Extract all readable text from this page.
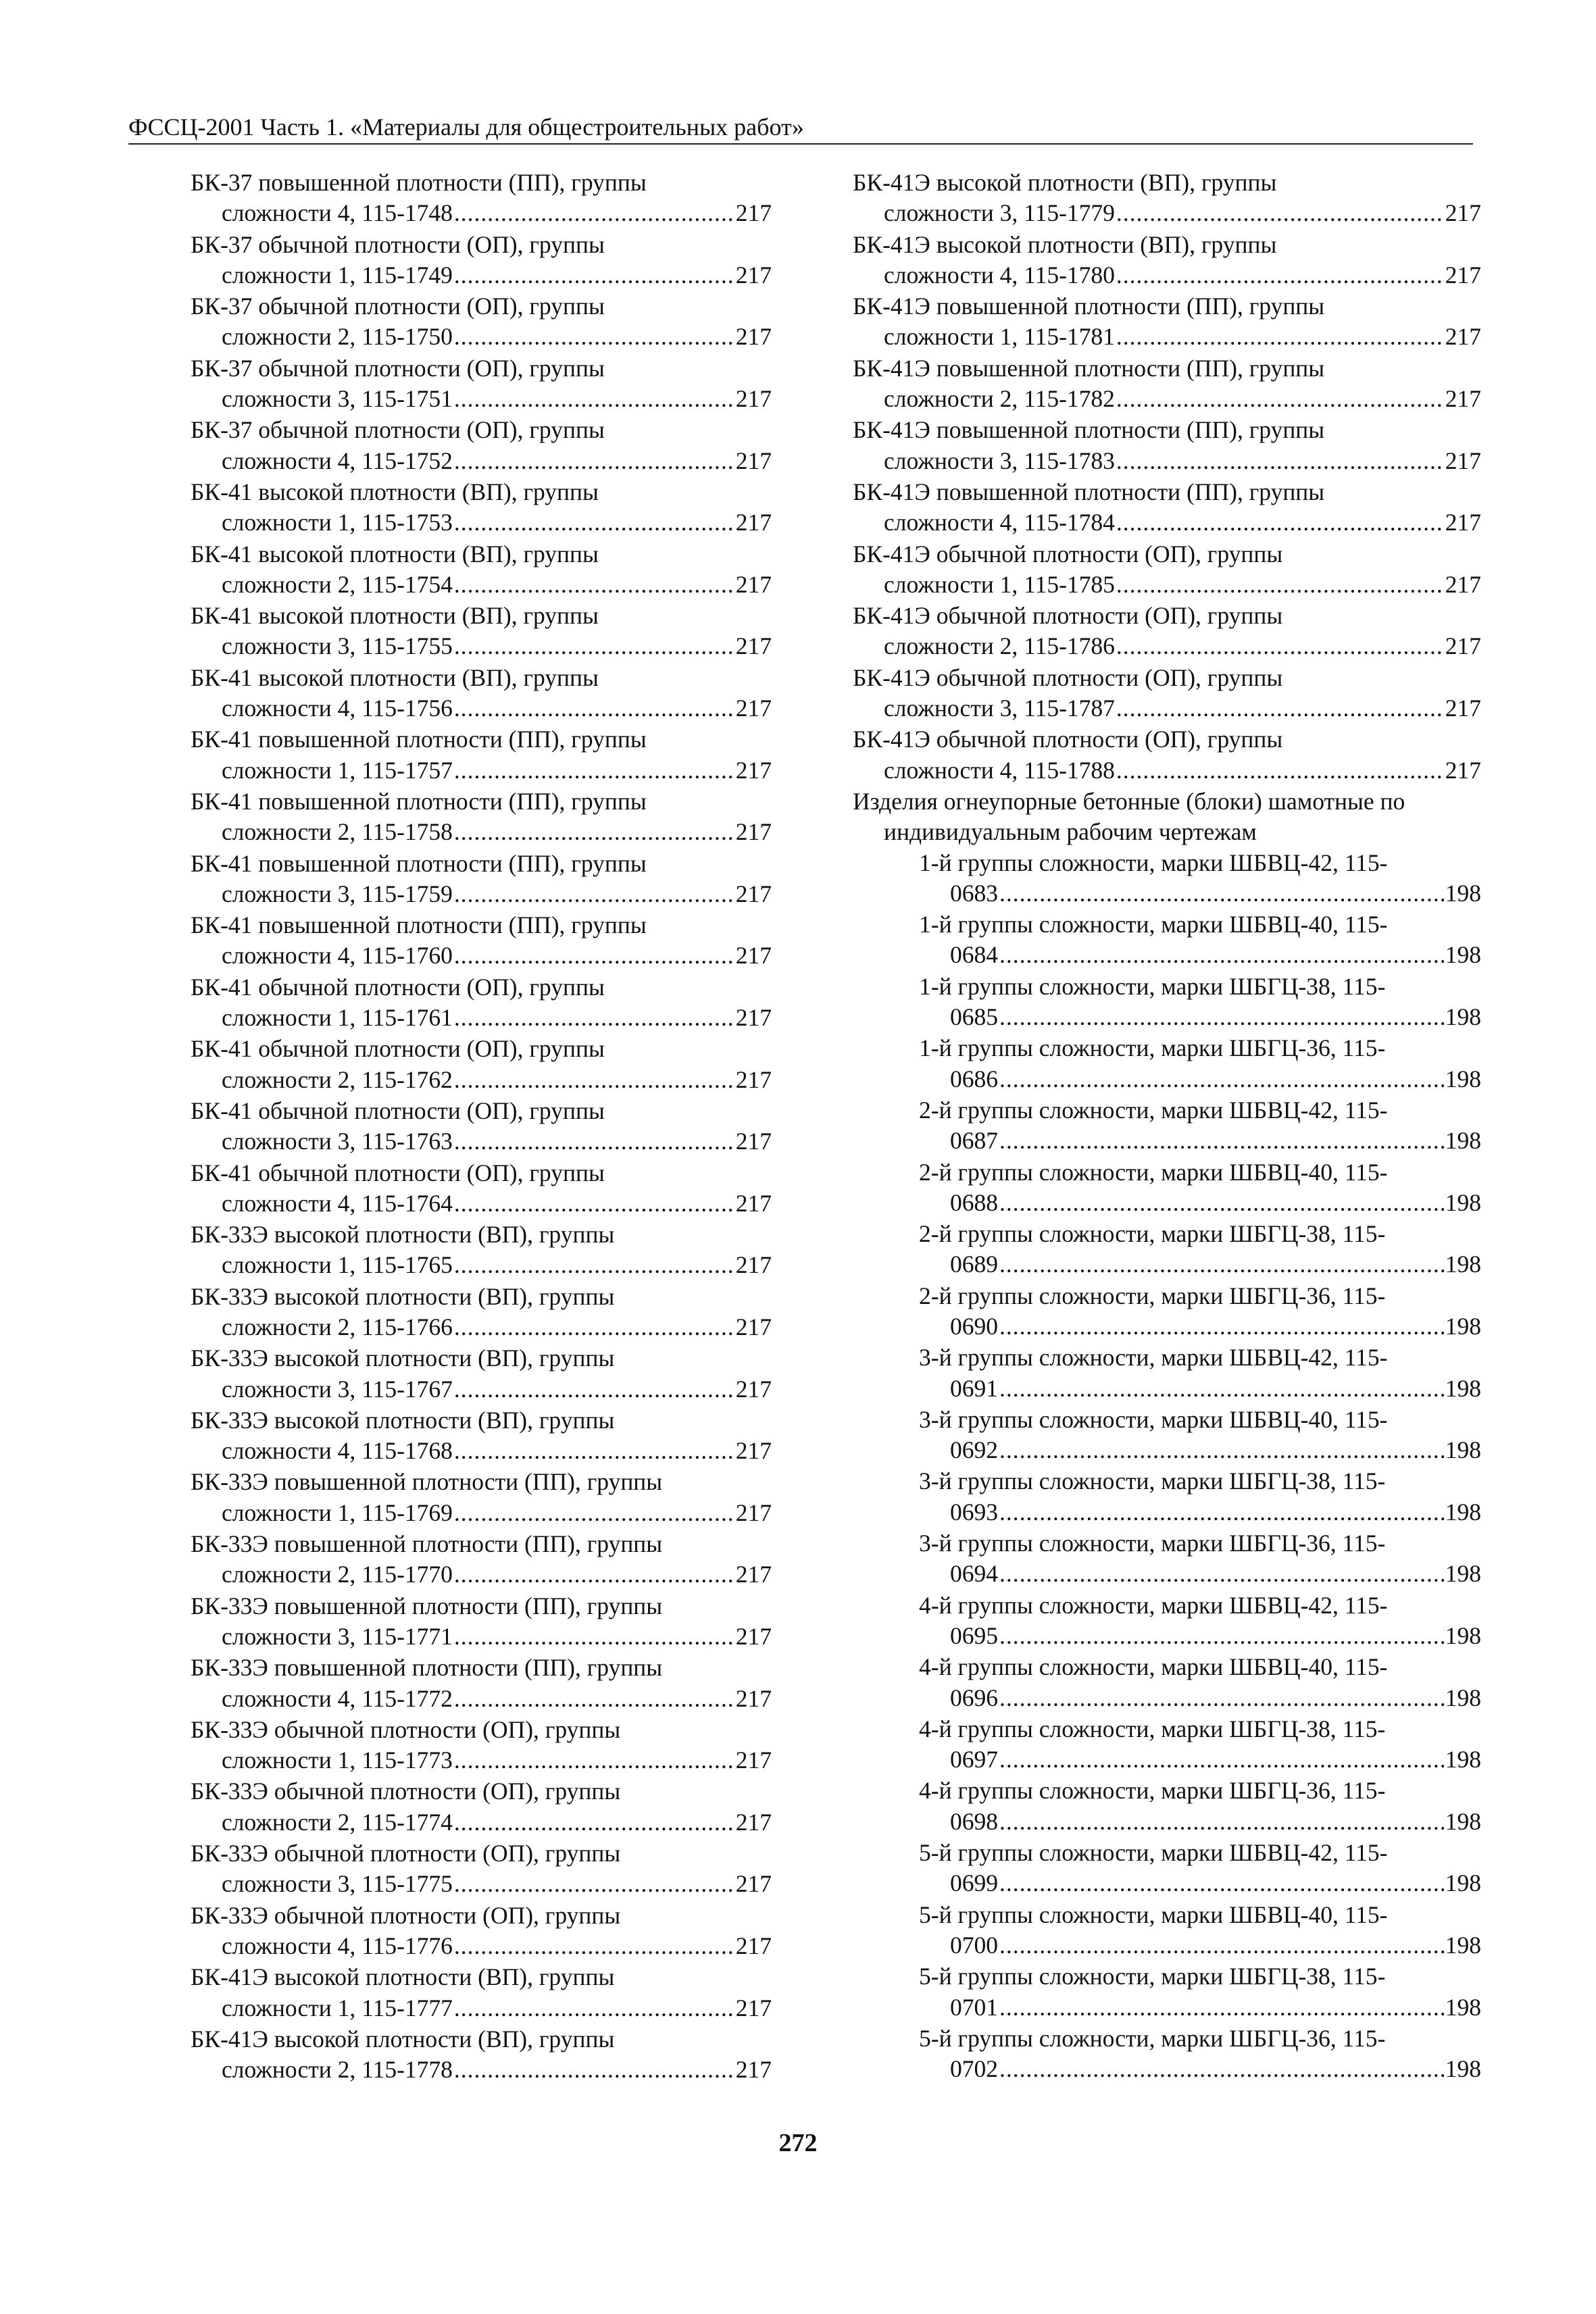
ФССЦ-2001 Часть 1. «Материалы для общестроительных работ»
БК-37 повышенной плотности (ПП), группы
сложности 4, 115-1748 .....	217
БК-37 обычной плотности (ОП), группы
сложности 1, 115-1749 .....	217
БК-37 обычной плотности (ОП), группы
сложности 2, 115-1750 .....	217
БК-37 обычной плотности (ОП), группы
сложности 3, 115-1751 .....	217
БК-37 обычной плотности (ОП), группы
сложности 4, 115-1752 .....	217
БК-41 высокой плотности (ВП), группы
сложности 1, 115-1753 .....	217
БК-41 высокой плотности (ВП), группы
сложности 2, 115-1754 .....	217
БК-41 высокой плотности (ВП), группы
сложности 3, 115-1755 .....	217
БК-41 высокой плотности (ВП), группы
сложности 4, 115-1756 .....	217
БК-41 повышенной плотности (ПП), группы
сложности 1, 115-1757 .....	217
БК-41 повышенной плотности (ПП), группы
сложности 2, 115-1758 .....	217
БК-41 повышенной плотности (ПП), группы
сложности 3, 115-1759 .....	217
БК-41 повышенной плотности (ПП), группы
сложности 4, 115-1760 .....	217
БК-41 обычной плотности (ОП), группы
сложности 1, 115-1761 .....	217
БК-41 обычной плотности (ОП), группы
сложности 2, 115-1762 .....	217
БК-41 обычной плотности (ОП), группы
сложности 3, 115-1763 .....	217
БК-41 обычной плотности (ОП), группы
сложности 4, 115-1764 .....	217
БК-33Э высокой плотности (ВП), группы
сложности 1, 115-1765 .....	217
БК-33Э высокой плотности (ВП), группы
сложности 2, 115-1766 .....	217
БК-33Э высокой плотности (ВП), группы
сложности 3, 115-1767 .....	217
БК-33Э высокой плотности (ВП), группы
сложности 4, 115-1768 .....	217
БК-33Э повышенной плотности (ПП), группы
сложности 1, 115-1769 .....	217
БК-33Э повышенной плотности (ПП), группы
сложности 2, 115-1770 .....	217
БК-33Э повышенной плотности (ПП), группы
сложности 3, 115-1771 .....	217
БК-33Э повышенной плотности (ПП), группы
сложности 4, 115-1772 .....	217
БК-33Э обычной плотности (ОП), группы
сложности 1, 115-1773 .....	217
БК-33Э обычной плотности (ОП), группы
сложности 2, 115-1774 .....	217
БК-33Э обычной плотности (ОП), группы
сложности 3, 115-1775 .....	217
БК-33Э обычной плотности (ОП), группы
сложности 4, 115-1776 .....	217
БК-41Э высокой плотности (ВП), группы
сложности 1, 115-1777 .....	217
БК-41Э высокой плотности (ВП), группы
сложности 2, 115-1778 .....	217
БК-41Э высокой плотности (ВП), группы
сложности 3, 115-1779 .....	217
БК-41Э высокой плотности (ВП), группы
сложности 4, 115-1780 .....	217
БК-41Э повышенной плотности (ПП), группы
сложности 1, 115-1781 .....	217
БК-41Э повышенной плотности (ПП), группы
сложности 2, 115-1782 .....	217
БК-41Э повышенной плотности (ПП), группы
сложности 3, 115-1783 .....	217
БК-41Э повышенной плотности (ПП), группы
сложности 4, 115-1784 .....	217
БК-41Э обычной плотности (ОП), группы
сложности 1, 115-1785 .....	217
БК-41Э обычной плотности (ОП), группы
сложности 2, 115-1786 .....	217
БК-41Э обычной плотности (ОП), группы
сложности 3, 115-1787 .....	217
БК-41Э обычной плотности (ОП), группы
сложности 4, 115-1788 .....	217
Изделия огнеупорные бетонные (блоки) шамотные по
индивидуальным рабочим чертежам
1-й группы сложности, марки ШБВЦ-42, 115-
0683 .....	198
1-й группы сложности, марки ШБВЦ-40, 115-
0684 .....	198
1-й группы сложности, марки ШБГЦ-38, 115-
0685 .....	198
1-й группы сложности, марки ШБГЦ-36, 115-
0686 .....	198
2-й группы сложности, марки ШБВЦ-42, 115-
0687 .....	198
2-й группы сложности, марки ШБВЦ-40, 115-
0688 .....	198
2-й группы сложности, марки ШБГЦ-38, 115-
0689 .....	198
2-й группы сложности, марки ШБГЦ-36, 115-
0690 .....	198
3-й группы сложности, марки ШБВЦ-42, 115-
0691 .....	198
3-й группы сложности, марки ШБВЦ-40, 115-
0692 .....	198
3-й группы сложности, марки ШБГЦ-38, 115-
0693 .....	198
3-й группы сложности, марки ШБГЦ-36, 115-
0694 .....	198
4-й группы сложности, марки ШБВЦ-42, 115-
0695 .....	198
4-й группы сложности, марки ШБВЦ-40, 115-
0696 .....	198
4-й группы сложности, марки ШБГЦ-38, 115-
0697 .....	198
4-й группы сложности, марки ШБГЦ-36, 115-
0698 .....	198
5-й группы сложности, марки ШБВЦ-42, 115-
0699 .....	198
5-й группы сложности, марки ШБВЦ-40, 115-
0700 .....	198
5-й группы сложности, марки ШБГЦ-38, 115-
0701 .....	198
5-й группы сложности, марки ШБГЦ-36, 115-
0702 .....	198
272
